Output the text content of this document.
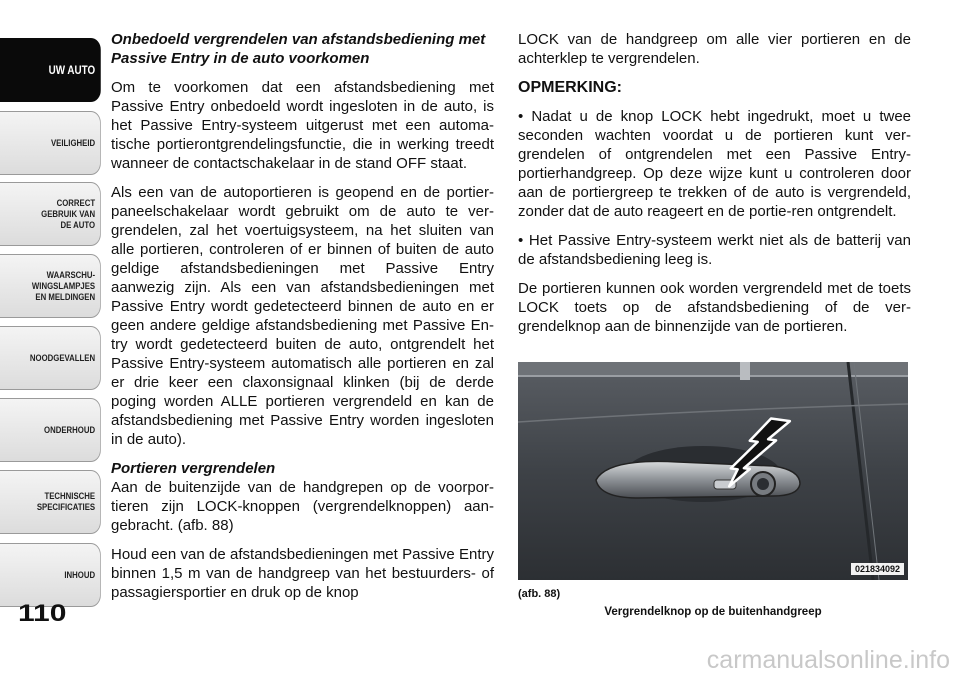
UW AUTO
VEILIGHEID
CORRECT
GEBRUIK VAN
DE AUTO
WAARSCHU-
WINGSLAMPJES
EN MELDINGEN
NOODGEVALLEN
ONDERHOUD
TECHNISCHE
SPECIFICATIES
INHOUD
110

Onbedoeld vergrendelen van afstandsbediening met Passive Entry in de auto voorkomen

Om te voorkomen dat een afstandsbediening met Passive Entry onbedoeld wordt ingesloten in de auto, is het Passive Entry-systeem uitgerust met een automa-tische portierontgrendelingsfunctie, die in werking treedt wanneer de contactschakelaar in de stand OFF staat.

Als een van de autoportieren is geopend en de portier-paneelschakelaar wordt gebruikt om de auto te ver-grendelen, zal het voertuigsysteem, na het sluiten van alle portieren, controleren of er binnen of buiten de auto geldige afstandsbedieningen met Passive Entry aanwezig zijn. Als een van afstandsbedieningen met Passive Entry wordt gedetecteerd binnen de auto en er geen andere geldige afstandsbediening met Passive En-try wordt gedetecteerd buiten de auto, ontgrendelt het Passive Entry-systeem automatisch alle portieren en zal er drie keer een claxonsignaal klinken (bij de derde poging worden ALLE portieren vergrendeld en kan de afstandsbediening met Passive Entry worden ingesloten in de auto).

Portieren vergrendelen

Aan de buitenzijde van de handgrepen op de voorpor-tieren zijn LOCK-knoppen (vergrendelknoppen) aan-gebracht. (afb. 88)

Houd een van de afstandsbedieningen met Passive Entry binnen 1,5 m van de handgreep van het bestuurders- of passagiersportier en druk op de knop

LOCK van de handgreep om alle vier portieren en de achterklep te vergrendelen.

OPMERKING:

• Nadat u de knop LOCK hebt ingedrukt, moet u twee seconden wachten voordat u de portieren kunt ver-grendelen of ontgrendelen met een Passive Entry-portierhandgreep. Op deze wijze kunt u controleren door aan de portiergreep te trekken of de auto is vergrendeld, zonder dat de auto reageert en de portie-ren ontgrendelt.

• Het Passive Entry-systeem werkt niet als de batterij van de afstandsbediening leeg is.

De portieren kunnen ook worden vergrendeld met de toets LOCK toets op de afstandsbediening of de ver-grendelknop aan de binnenzijde van de portieren.

021834092
(afb. 88)
Vergrendelknop op de buitenhandgreep
carmanualsonline.info
